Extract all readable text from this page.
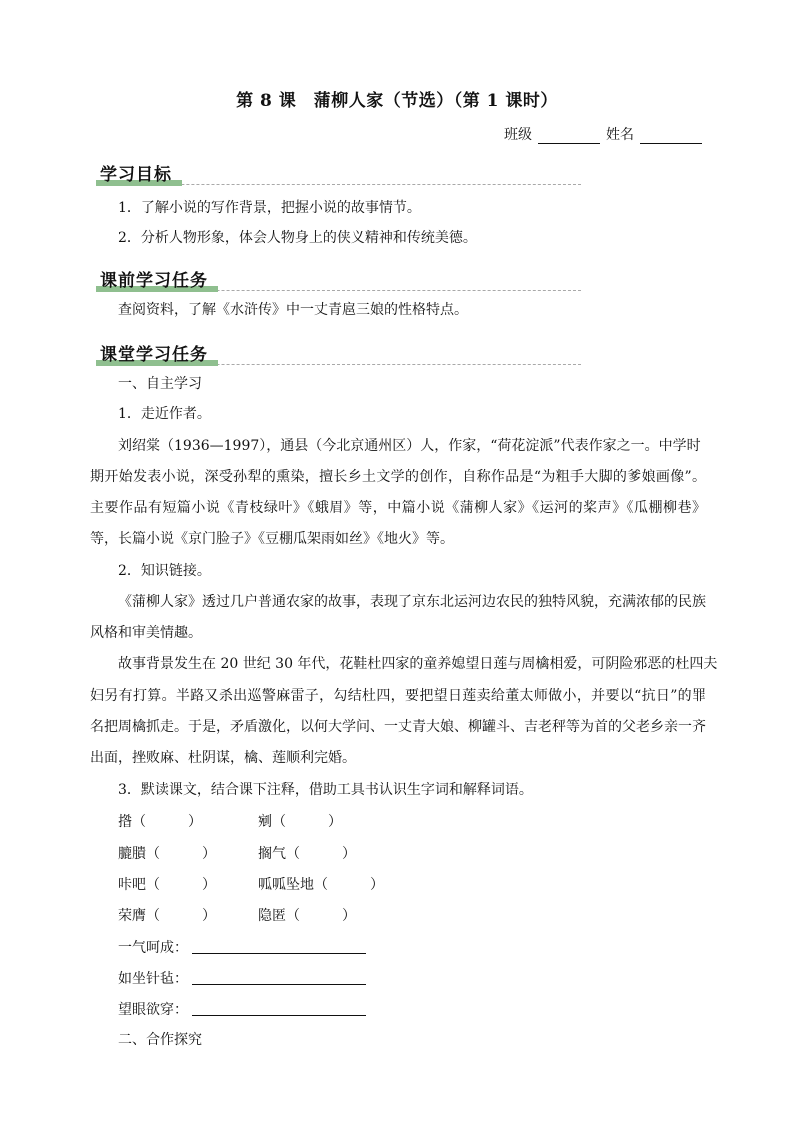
第 8 课　蒲柳人家（节选）（第 1 课时）
班级	姓名
学习目标
1．了解小说的写作背景，把握小说的故事情节。
2．分析人物形象，体会人物身上的侠义精神和传统美德。
课前学习任务
查阅资料，了解《水浒传》中一丈青扈三娘的性格特点。
课堂学习任务
一、自主学习
1．走近作者。
刘绍棠（1936—1997），通县（今北京通州区）人，作家，“荷花淀派”代表作家之一。中学时
期开始发表小说，深受孙犁的熏染，擅长乡土文学的创作，自称作品是“为粗手大脚的爹娘画像”。
主要作品有短篇小说《青枝绿叶》《蛾眉》等，中篇小说《蒲柳人家》《运河的桨声》《瓜棚柳巷》
等，长篇小说《京门脸子》《豆棚瓜架雨如丝》《地火》等。
2．知识链接。
《蒲柳人家》透过几户普通农家的故事，表现了京东北运河边农民的独特风貌，充满浓郁的民族
风格和审美情趣。
故事背景发生在 20 世纪 30 年代，花鞋杜四家的童养媳望日莲与周檎相爱，可阴险邪恶的杜四夫
妇另有打算。半路又杀出巡警麻雷子，勾结杜四，要把望日莲卖给董太师做小，并要以“抗日”的罪
名把周檎抓走。于是，矛盾激化，以何大学问、一丈青大娘、柳罐斗、吉老秤等为首的父老乡亲一齐
出面，挫败麻、杜阴谋，檎、莲顺利完婚。
3．默读课文，结合课下注释，借助工具书认识生字词和解释词语。
揝（　　　）	剜（　　　）
膔膭（　　　）	搁气（　　　）
咔吧（　　　）	呱呱坠地（　　　）
荣膺（　　　）	隐匿（　　　）
一气呵成：
如坐针毡：
望眼欲穿：
二、合作探究
